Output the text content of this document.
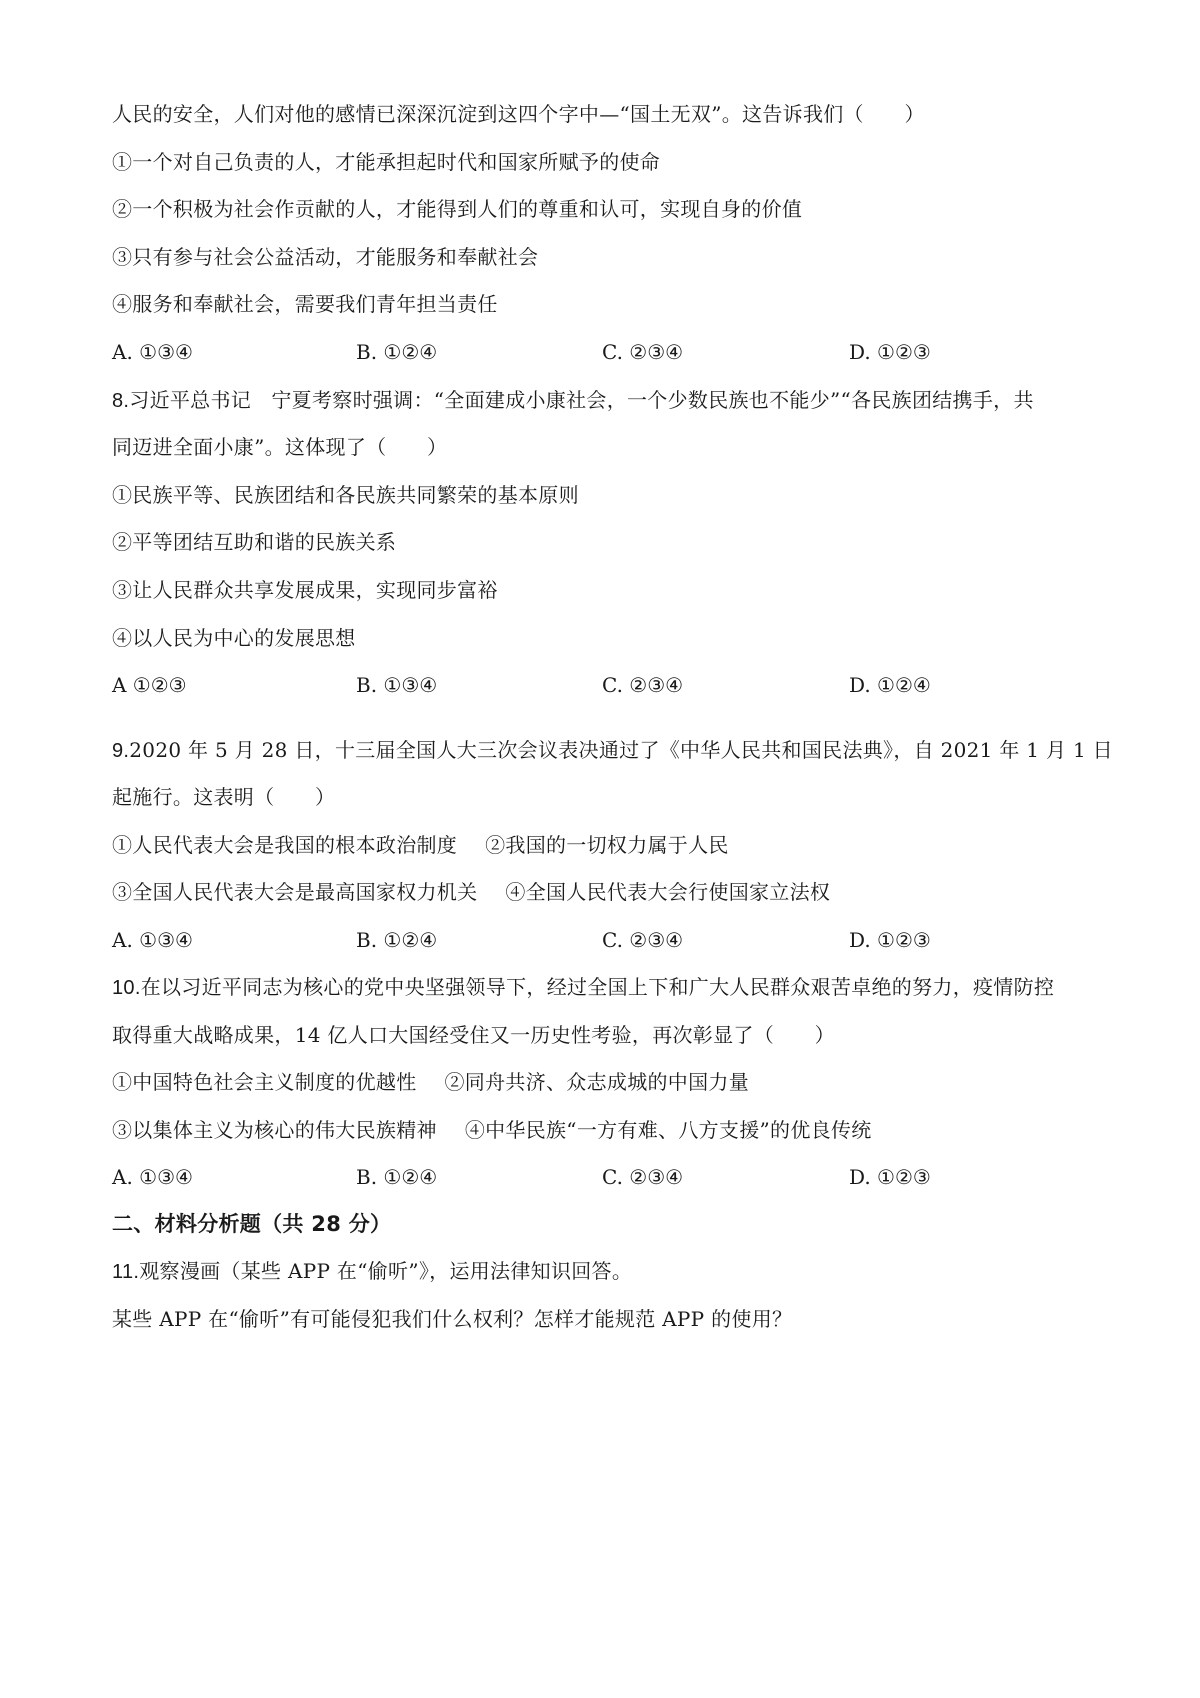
人民的安全，人们对他的感情已深深沉淀到这四个字中—“国土无双”。这告诉我们（　　）
①一个对自己负责的人，才能承担起时代和国家所赋予的使命
②一个积极为社会作贡献的人，才能得到人们的尊重和认可，实现自身的价值
③只有参与社会公益活动，才能服务和奉献社会
④服务和奉献社会，需要我们青年担当责任
A. ①③④	B. ①②④	C. ②③④	D. ①②③
8.习近平总书记　宁夏考察时强调：“全面建成小康社会，一个少数民族也不能少”“各民族团结携手，共
同迈进全面小康”。这体现了（　　）
①民族平等、民族团结和各民族共同繁荣的基本原则
②平等团结互助和谐的民族关系
③让人民群众共享发展成果，实现同步富裕
④以人民为中心的发展思想
A ①②③	B. ①③④	C. ②③④	D. ①②④
9.2020 年 5 月 28 日，十三届全国人大三次会议表决通过了《中华人民共和国民法典》，自 2021 年 1 月 1 日
起施行。这表明（　　）
①人民代表大会是我国的根本政治制度 ②我国的一切权力属于人民
③全国人民代表大会是最高国家权力机关 ④全国人民代表大会行使国家立法权
A. ①③④	B. ①②④	C. ②③④	D. ①②③
10.在以习近平同志为核心的党中央坚强领导下，经过全国上下和广大人民群众艰苦卓绝的努力，疫情防控
取得重大战略成果，14 亿人口大国经受住又一历史性考验，再次彰显了（　　）
①中国特色社会主义制度的优越性 ②同舟共济、众志成城的中国力量
③以集体主义为核心的伟大民族精神 ④中华民族“一方有难、八方支援”的优良传统
A. ①③④	B. ①②④	C. ②③④	D. ①②③
二、材料分析题（共 28 分）
11.观察漫画（某些 APP 在“偷听”》，运用法律知识回答。
某些 APP 在“偷听”有可能侵犯我们什么权利？怎样才能规范 APP 的使用？
